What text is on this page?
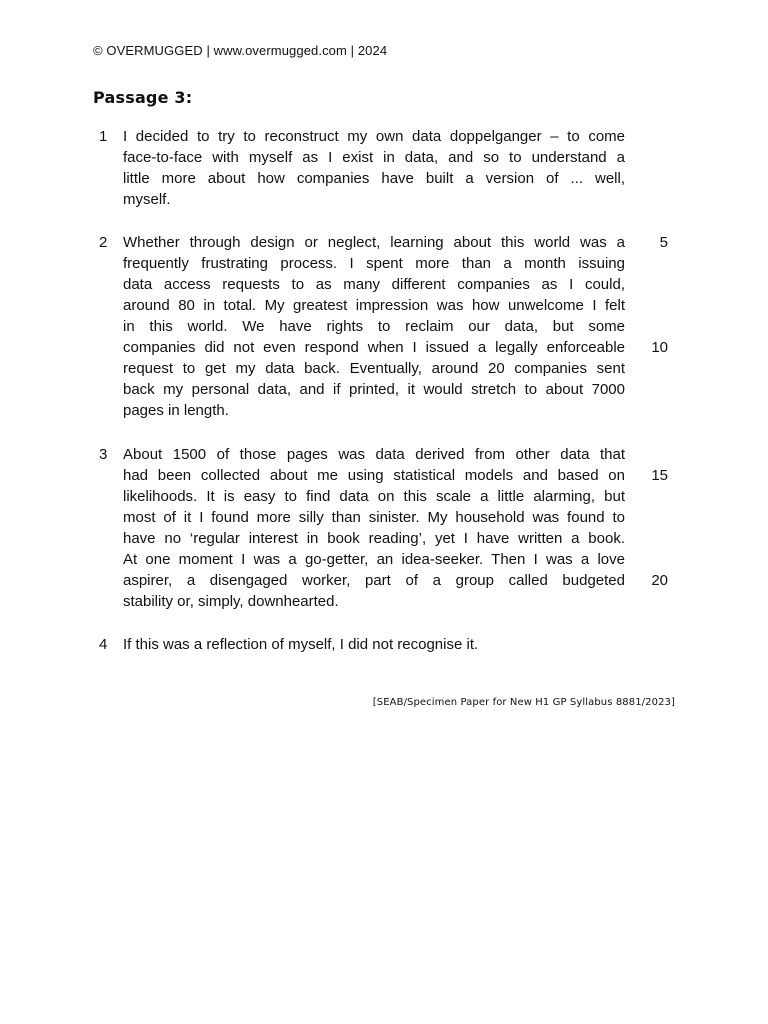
© OVERMUGGED | www.overmugged.com | 2024
Passage 3:
1 I decided to try to reconstruct my own data doppelganger – to come
face-to-face with myself as I exist in data, and so to understand a
little more about how companies have built a version of ... well,
myself.
2 Whether through design or neglect, learning about this world was a 5
frequently frustrating process. I spent more than a month issuing
data access requests to as many different companies as I could,
around 80 in total. My greatest impression was how unwelcome I felt
in this world. We have rights to reclaim our data, but some
companies did not even respond when I issued a legally enforceable 10
request to get my data back. Eventually, around 20 companies sent
back my personal data, and if printed, it would stretch to about 7000
pages in length.
3 About 1500 of those pages was data derived from other data that
had been collected about me using statistical models and based on 15
likelihoods. It is easy to find data on this scale a little alarming, but
most of it I found more silly than sinister. My household was found to
have no ‘regular interest in book reading’, yet I have written a book.
At one moment I was a go-getter, an idea-seeker. Then I was a love
aspirer, a disengaged worker, part of a group called budgeted 20
stability or, simply, downhearted.
4 If this was a reflection of myself, I did not recognise it.
[SEAB/Specimen Paper for New H1 GP Syllabus 8881/2023]
